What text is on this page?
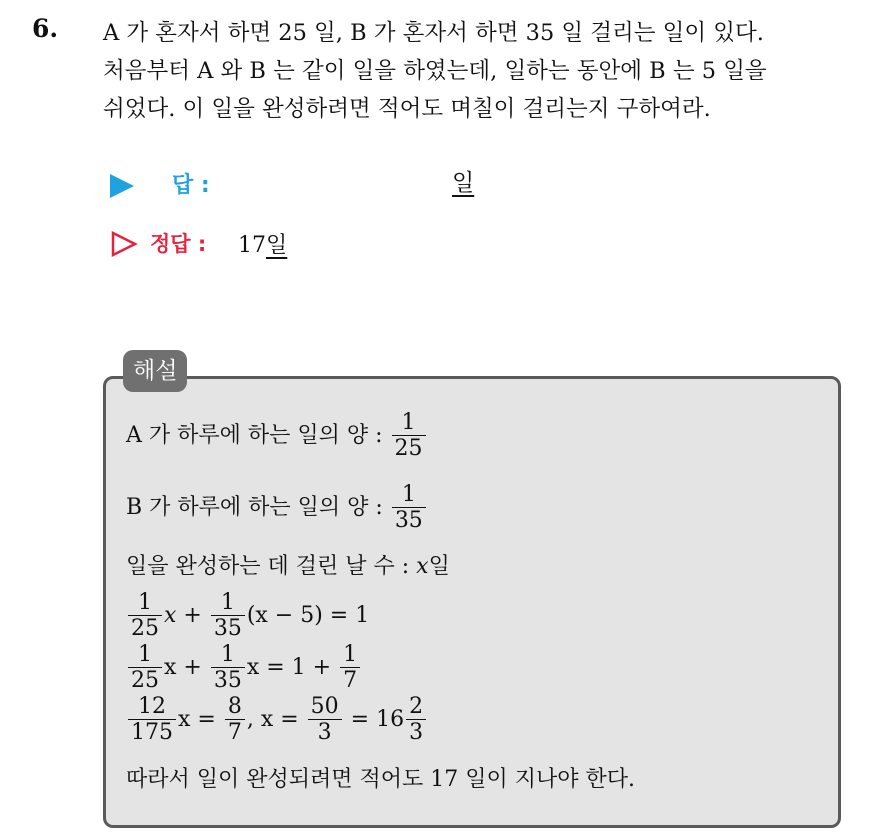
6. A 가 혼자서 하면 25 일, B 가 혼자서 하면 35 일 걸리는 일이 있다.
처음부터 A 와 B 는 같이 일을 하였는데, 일하는 동안에 B 는 5 일을
쉬었다. 이 일을 완성하려면 적어도 며칠이 걸리는지 구하여라.
답 :	일
정답 : 17일
해설
A 가 하루에 하는 일의 양 : $\frac{1}{25}$
B 가 하루에 하는 일의 양 : $\frac{1}{35}$
일을 완성하는 데 걸린 날 수 : x일
$\frac{1}{25}$ $x + \frac{1}{35} (x - 5) = 1$
$\frac{1}{25}$ $x + \frac{1}{35}$ $x = 1 + \frac{1}{7}$
$\frac{12}{175}$ $x = \frac{8}{7}$ , $x = \frac{50}{3} = 16 \frac{2}{3}$
따라서 일이 완성되려면 적어도 17 일이 지나야 한다.
